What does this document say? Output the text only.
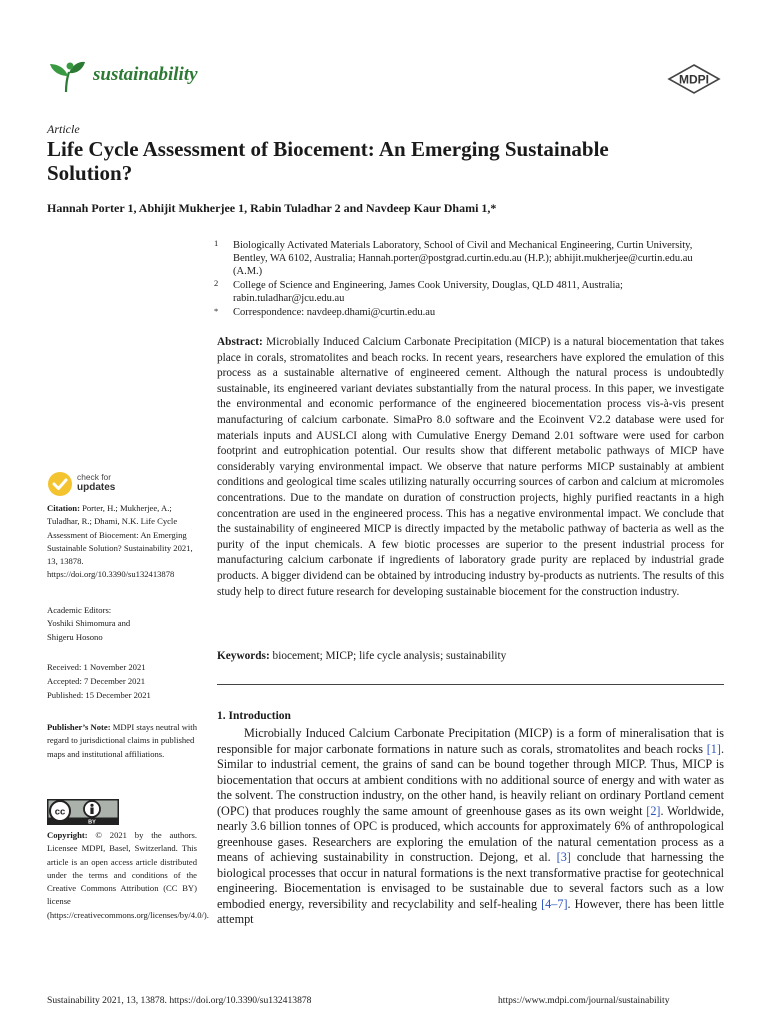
sustainability	MDPI
Article
Life Cycle Assessment of Biocement: An Emerging Sustainable Solution?
Hannah Porter 1, Abhijit Mukherjee 1, Rabin Tuladhar 2 and Navdeep Kaur Dhami 1,*
1 Biologically Activated Materials Laboratory, School of Civil and Mechanical Engineering, Curtin University, Bentley, WA 6102, Australia; Hannah.porter@postgrad.curtin.edu.au (H.P.); abhijit.mukherjee@curtin.edu.au (A.M.)
2 College of Science and Engineering, James Cook University, Douglas, QLD 4811, Australia; rabin.tuladhar@jcu.edu.au
* Correspondence: navdeep.dhami@curtin.edu.au
Abstract: Microbially Induced Calcium Carbonate Precipitation (MICP) is a natural biocementation that takes place in corals, stromatolites and beach rocks. In recent years, researchers have explored the emulation of this process as a sustainable alternative of engineered cement. Although the natural process is undoubtedly sustainable, its engineered variant deviates substantially from the natural process. In this paper, we investigate the environmental and economic performance of the engineered biocementation process vis-à-vis present manufacturing of calcium carbonate. SimaPro 8.0 software and the Ecoinvent V2.2 database were used for materials inputs and AUSLCI along with Cumulative Energy Demand 2.01 software were used for carbon footprint and eutrophication potential. Our results show that different metabolic pathways of MICP have considerably varying environmental impact. We observe that nature performs MICP sustainably at ambient conditions and geological time scales utilizing naturally occurring sources of carbon and calcium at micromoles concentrations. Due to the mandate on duration of construction projects, highly purified reactants in a high concentration are used in the engineered process. This has a negative environmental impact. We conclude that the sustainability of engineered MICP is directly impacted by the metabolic pathway of bacteria as well as the purity of the input chemicals. A few biotic processes are superior to the present industrial process for manufacturing calcium carbonate if ingredients of laboratory grade purity are replaced by industrial grade products. A bigger dividend can be obtained by introducing industry by-products as nutrients. The results of this study help to direct future research for developing sustainable biocement for the construction industry.
Keywords: biocement; MICP; life cycle analysis; sustainability
1. Introduction
Microbially Induced Calcium Carbonate Precipitation (MICP) is a form of mineralisation that is responsible for major carbonate formations in nature such as corals, stromatolites and beach rocks [1]. Similar to industrial cement, the grains of sand can be bound together through MICP. Thus, MICP is biocementation that occurs at ambient conditions with no additional source of energy and with water as the solvent. The construction industry, on the other hand, is heavily reliant on ordinary Portland cement (OPC) that produces roughly the same amount of greenhouse gases as its own weight [2]. Worldwide, nearly 3.6 billion tonnes of OPC is produced, which accounts for approximately 6% of anthropological greenhouse gases. Researchers are exploring the emulation of the natural cementation process as a means of achieving sustainability in construction. Dejong, et al. [3] conclude that harnessing the biological processes that occur in natural formations is the next transformative practise for geotechnical engineering. Biocementation is envisaged to be sustainable due to several factors such as a low embodied energy, reversibility and recyclability and self-healing [4–7]. However, there has been little attempt
check for
updates
Citation: Porter, H.; Mukherjee, A.; Tuladhar, R.; Dhami, N.K. Life Cycle Assessment of Biocement: An Emerging Sustainable Solution? Sustainability 2021, 13, 13878. https://doi.org/10.3390/su132413878
Academic Editors:
Yoshiki Shimomura and
Shigeru Hosono
Received: 1 November 2021
Accepted: 7 December 2021
Published: 15 December 2021
Publisher’s Note: MDPI stays neutral with regard to jurisdictional claims in published maps and institutional affiliations.
cc
BY
Copyright: © 2021 by the authors. Licensee MDPI, Basel, Switzerland. This article is an open access article distributed under the terms and conditions of the Creative Commons Attribution (CC BY) license (https://creativecommons.org/licenses/by/4.0/).
Sustainability 2021, 13, 13878. https://doi.org/10.3390/su132413878	https://www.mdpi.com/journal/sustainability
